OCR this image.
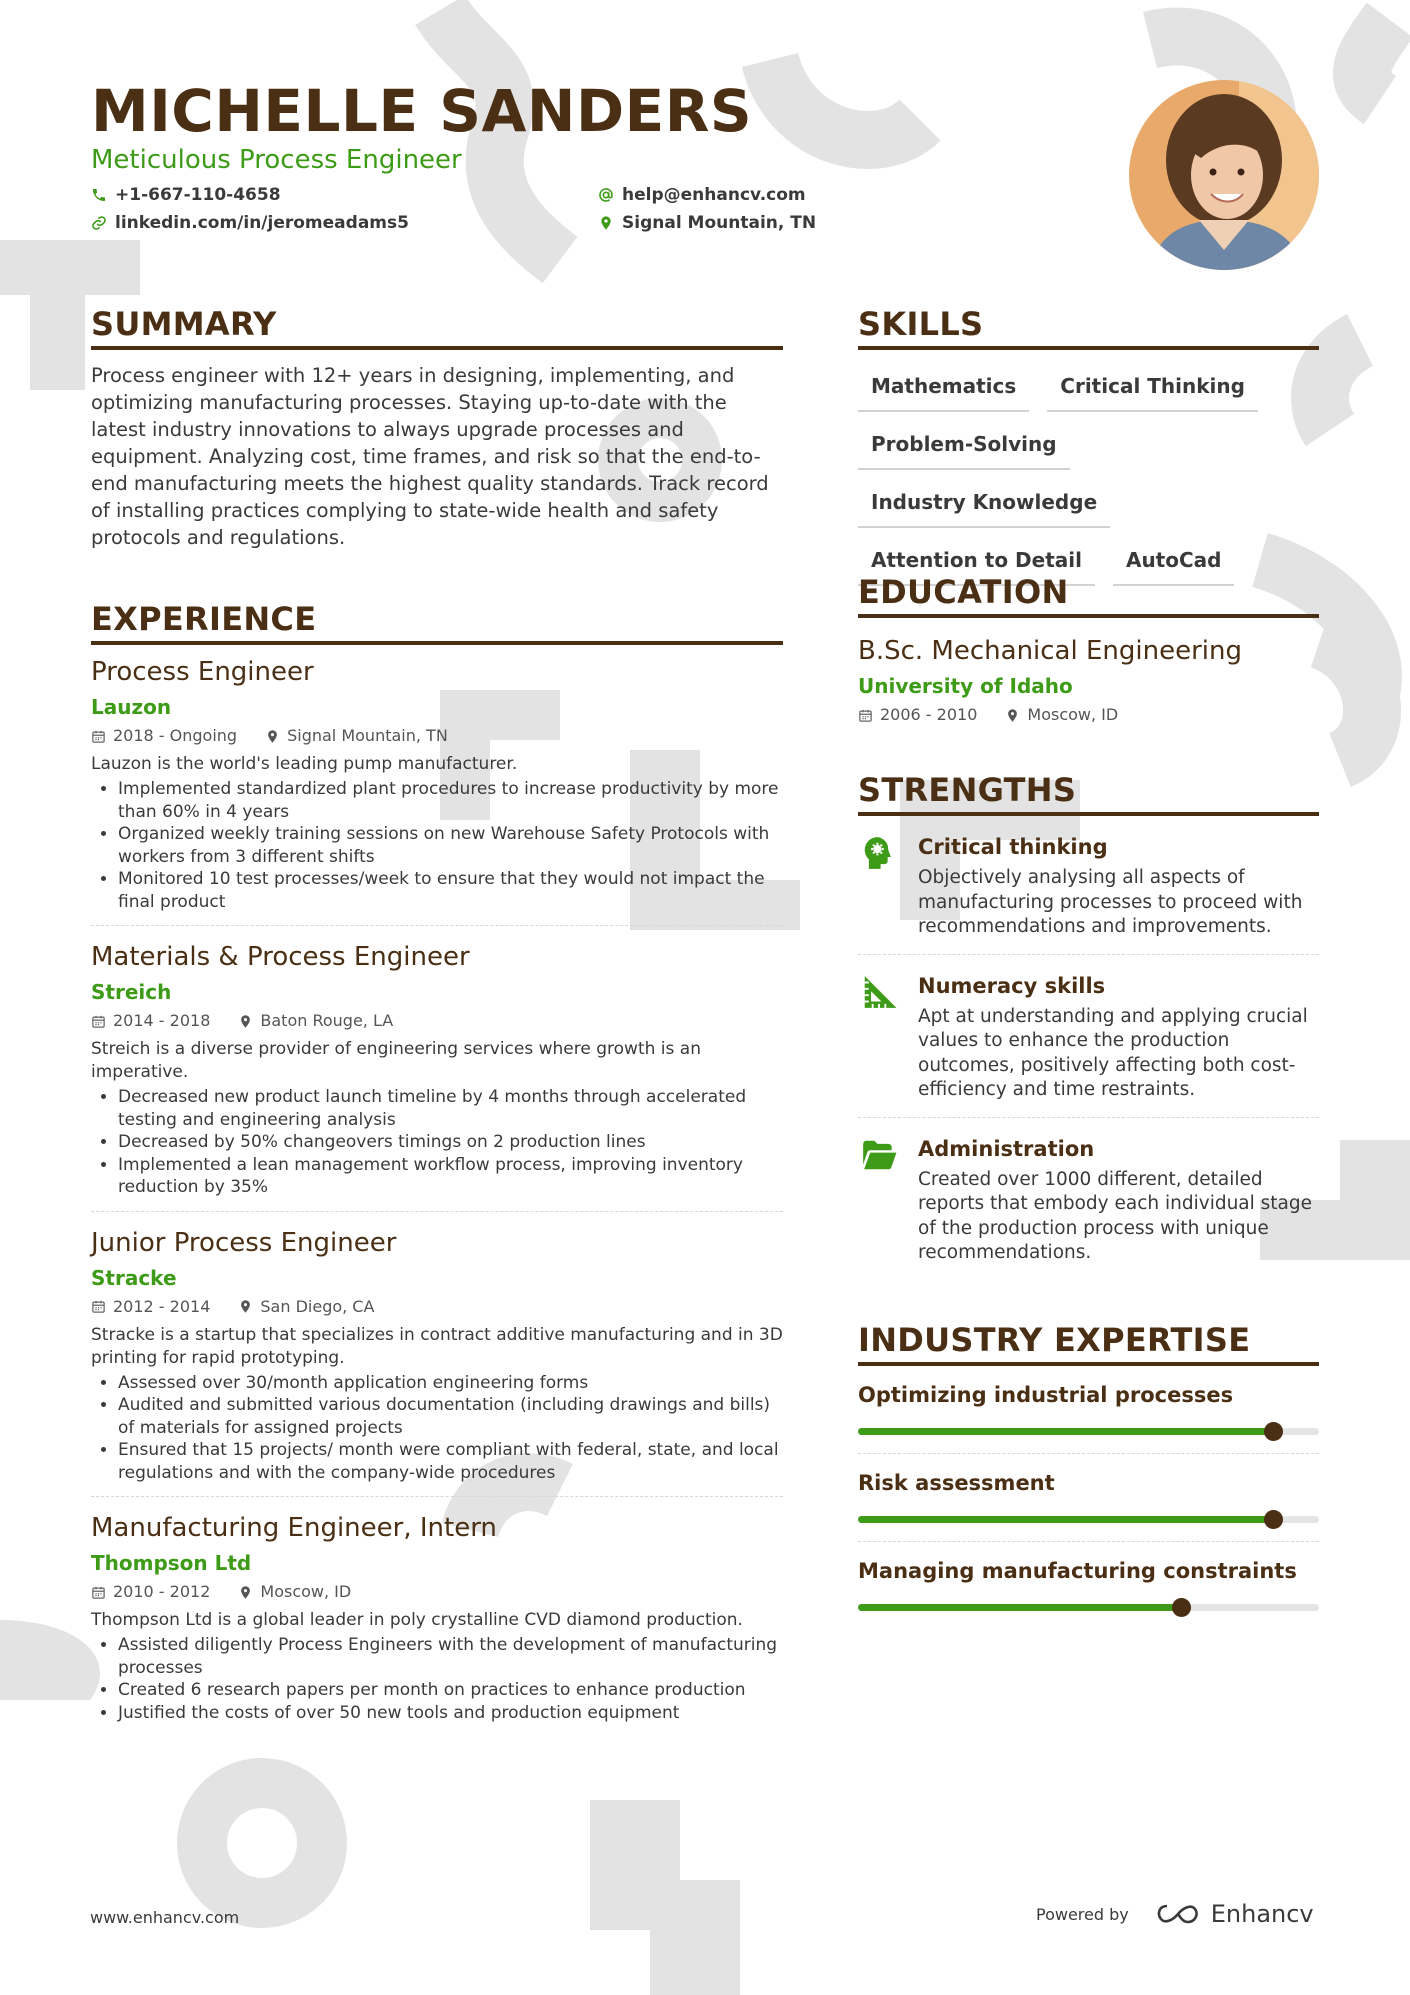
MICHELLE SANDERS
Meticulous Process Engineer
+1-667-110-4658	help@enhancv.com
linkedin.com/in/jeromeadams5	Signal Mountain, TN
SUMMARY
Process engineer with 12+ years in designing, implementing, and optimizing manufacturing processes. Staying up-to-date with the latest industry innovations to always upgrade processes and equipment. Analyzing cost, time frames, and risk so that the end-to-end manufacturing meets the highest quality standards. Track record of installing practices complying to state-wide health and safety protocols and regulations.
EXPERIENCE
Process Engineer
Lauzon
2018 - Ongoing	Signal Mountain, TN
Lauzon is the world's leading pump manufacturer.
• Implemented standardized plant procedures to increase productivity by more than 60% in 4 years
• Organized weekly training sessions on new Warehouse Safety Protocols with workers from 3 different shifts
• Monitored 10 test processes/week to ensure that they would not impact the final product
Materials & Process Engineer
Streich
2014 - 2018	Baton Rouge, LA
Streich is a diverse provider of engineering services where growth is an imperative.
• Decreased new product launch timeline by 4 months through accelerated testing and engineering analysis
• Decreased by 50% changeovers timings on 2 production lines
• Implemented a lean management workflow process, improving inventory reduction by 35%
Junior Process Engineer
Stracke
2012 - 2014	San Diego, CA
Stracke is a startup that specializes in contract additive manufacturing and in 3D printing for rapid prototyping.
• Assessed over 30/month application engineering forms
• Audited and submitted various documentation (including drawings and bills) of materials for assigned projects
• Ensured that 15 projects/ month were compliant with federal, state, and local regulations and with the company-wide procedures
Manufacturing Engineer, Intern
Thompson Ltd
2010 - 2012	Moscow, ID
Thompson Ltd is a global leader in poly crystalline CVD diamond production.
• Assisted diligently Process Engineers with the development of manufacturing processes
• Created 6 research papers per month on practices to enhance production
• Justified the costs of over 50 new tools and production equipment
SKILLS
Mathematics	Critical Thinking
Problem-Solving
Industry Knowledge
Attention to Detail	AutoCad
EDUCATION
B.Sc. Mechanical Engineering
University of Idaho
2006 - 2010	Moscow, ID
STRENGTHS
Critical thinking
Objectively analysing all aspects of manufacturing processes to proceed with recommendations and improvements.
Numeracy skills
Apt at understanding and applying crucial values to enhance the production outcomes, positively affecting both cost-efficiency and time restraints.
Administration
Created over 1000 different, detailed reports that embody each individual stage of the production process with unique recommendations.
INDUSTRY EXPERTISE
Optimizing industrial processes
Risk assessment
Managing manufacturing constraints
www.enhancv.com	Powered by	Enhancv
